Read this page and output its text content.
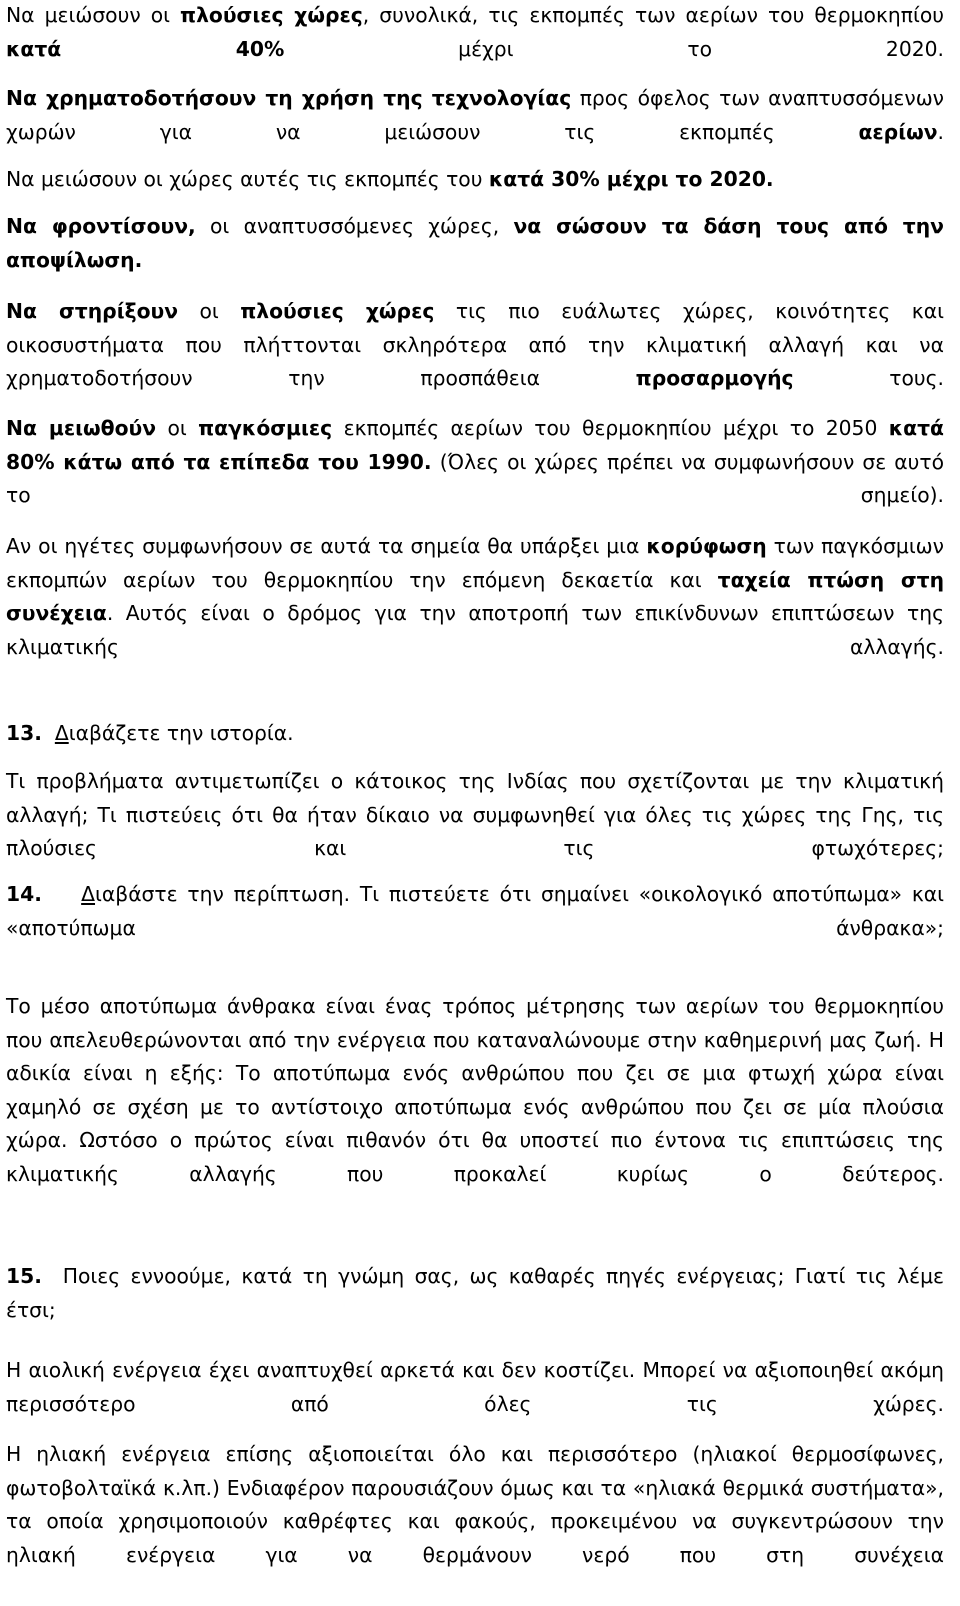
Να μειώσουν οι πλούσιες χώρες, συνολικά, τις εκπομπές των αερίων του θερμοκηπίου κατά 40% μέχρι το 2020.

Να χρηματοδοτήσουν τη χρήση της τεχνολογίας προς όφελος των αναπτυσσόμενων χωρών για να μειώσουν τις εκπομπές αερίων.

Να μειώσουν οι χώρες αυτές τις εκπομπές του κατά 30% μέχρι το 2020.

Να φροντίσουν, οι αναπτυσσόμενες χώρες, να σώσουν τα δάση τους από την αποψίλωση.

Να στηρίξουν οι πλούσιες χώρες τις πιο ευάλωτες χώρες, κοινότητες και οικοσυστήματα που πλήττονται σκληρότερα από την κλιματική αλλαγή και να χρηματοδοτήσουν την προσπάθεια προσαρμογής τους.

Να μειωθούν οι παγκόσμιες εκπομπές αερίων του θερμοκηπίου μέχρι το 2050 κατά 80% κάτω από τα επίπεδα του 1990. (Όλες οι χώρες πρέπει να συμφωνήσουν σε αυτό το σημείο).

Αν οι ηγέτες συμφωνήσουν σε αυτά τα σημεία θα υπάρξει μια κορύφωση των παγκόσμιων εκπομπών αερίων του θερμοκηπίου την επόμενη δεκαετία και ταχεία πτώση στη συνέχεια. Αυτός είναι ο δρόμος για την αποτροπή των επικίνδυνων επιπτώσεων της κλιματικής αλλαγής.

13. Διαβάζετε την ιστορία.

Τι προβλήματα αντιμετωπίζει ο κάτοικος της Ινδίας που σχετίζονται με την κλιματική αλλαγή; Τι πιστεύεις ότι θα ήταν δίκαιο να συμφωνηθεί για όλες τις χώρες της Γης, τις πλούσιες και τις φτωχότερες;

14. Διαβάστε την περίπτωση. Τι πιστεύετε ότι σημαίνει «οικολογικό αποτύπωμα» και «αποτύπωμα άνθρακα»;

Το μέσο αποτύπωμα άνθρακα είναι ένας τρόπος μέτρησης των αερίων του θερμοκηπίου που απελευθερώνονται από την ενέργεια που καταναλώνουμε στην καθημερινή μας ζωή. Η αδικία είναι η εξής: Το αποτύπωμα ενός ανθρώπου που ζει σε μια φτωχή χώρα είναι χαμηλό σε σχέση με το αντίστοιχο αποτύπωμα ενός ανθρώπου που ζει σε μία πλούσια χώρα. Ωστόσο ο πρώτος είναι πιθανόν ότι θα υποστεί πιο έντονα τις επιπτώσεις της κλιματικής αλλαγής που προκαλεί κυρίως ο δεύτερος.

15. Ποιες εννοούμε, κατά τη γνώμη σας, ως καθαρές πηγές ενέργειας; Γιατί τις λέμε έτσι;

Η αιολική ενέργεια έχει αναπτυχθεί αρκετά και δεν κοστίζει. Μπορεί να αξιοποιηθεί ακόμη περισσότερο από όλες τις χώρες.

Η ηλιακή ενέργεια επίσης αξιοποιείται όλο και περισσότερο (ηλιακοί θερμοσίφωνες, φωτοβολταϊκά κ.λπ.) Ενδιαφέρον παρουσιάζουν όμως και τα «ηλιακά θερμικά συστήματα», τα οποία χρησιμοποιούν καθρέφτες και φακούς, προκειμένου να συγκεντρώσουν την ηλιακή ενέργεια για να θερμάνουν νερό που στη συνέχεια
